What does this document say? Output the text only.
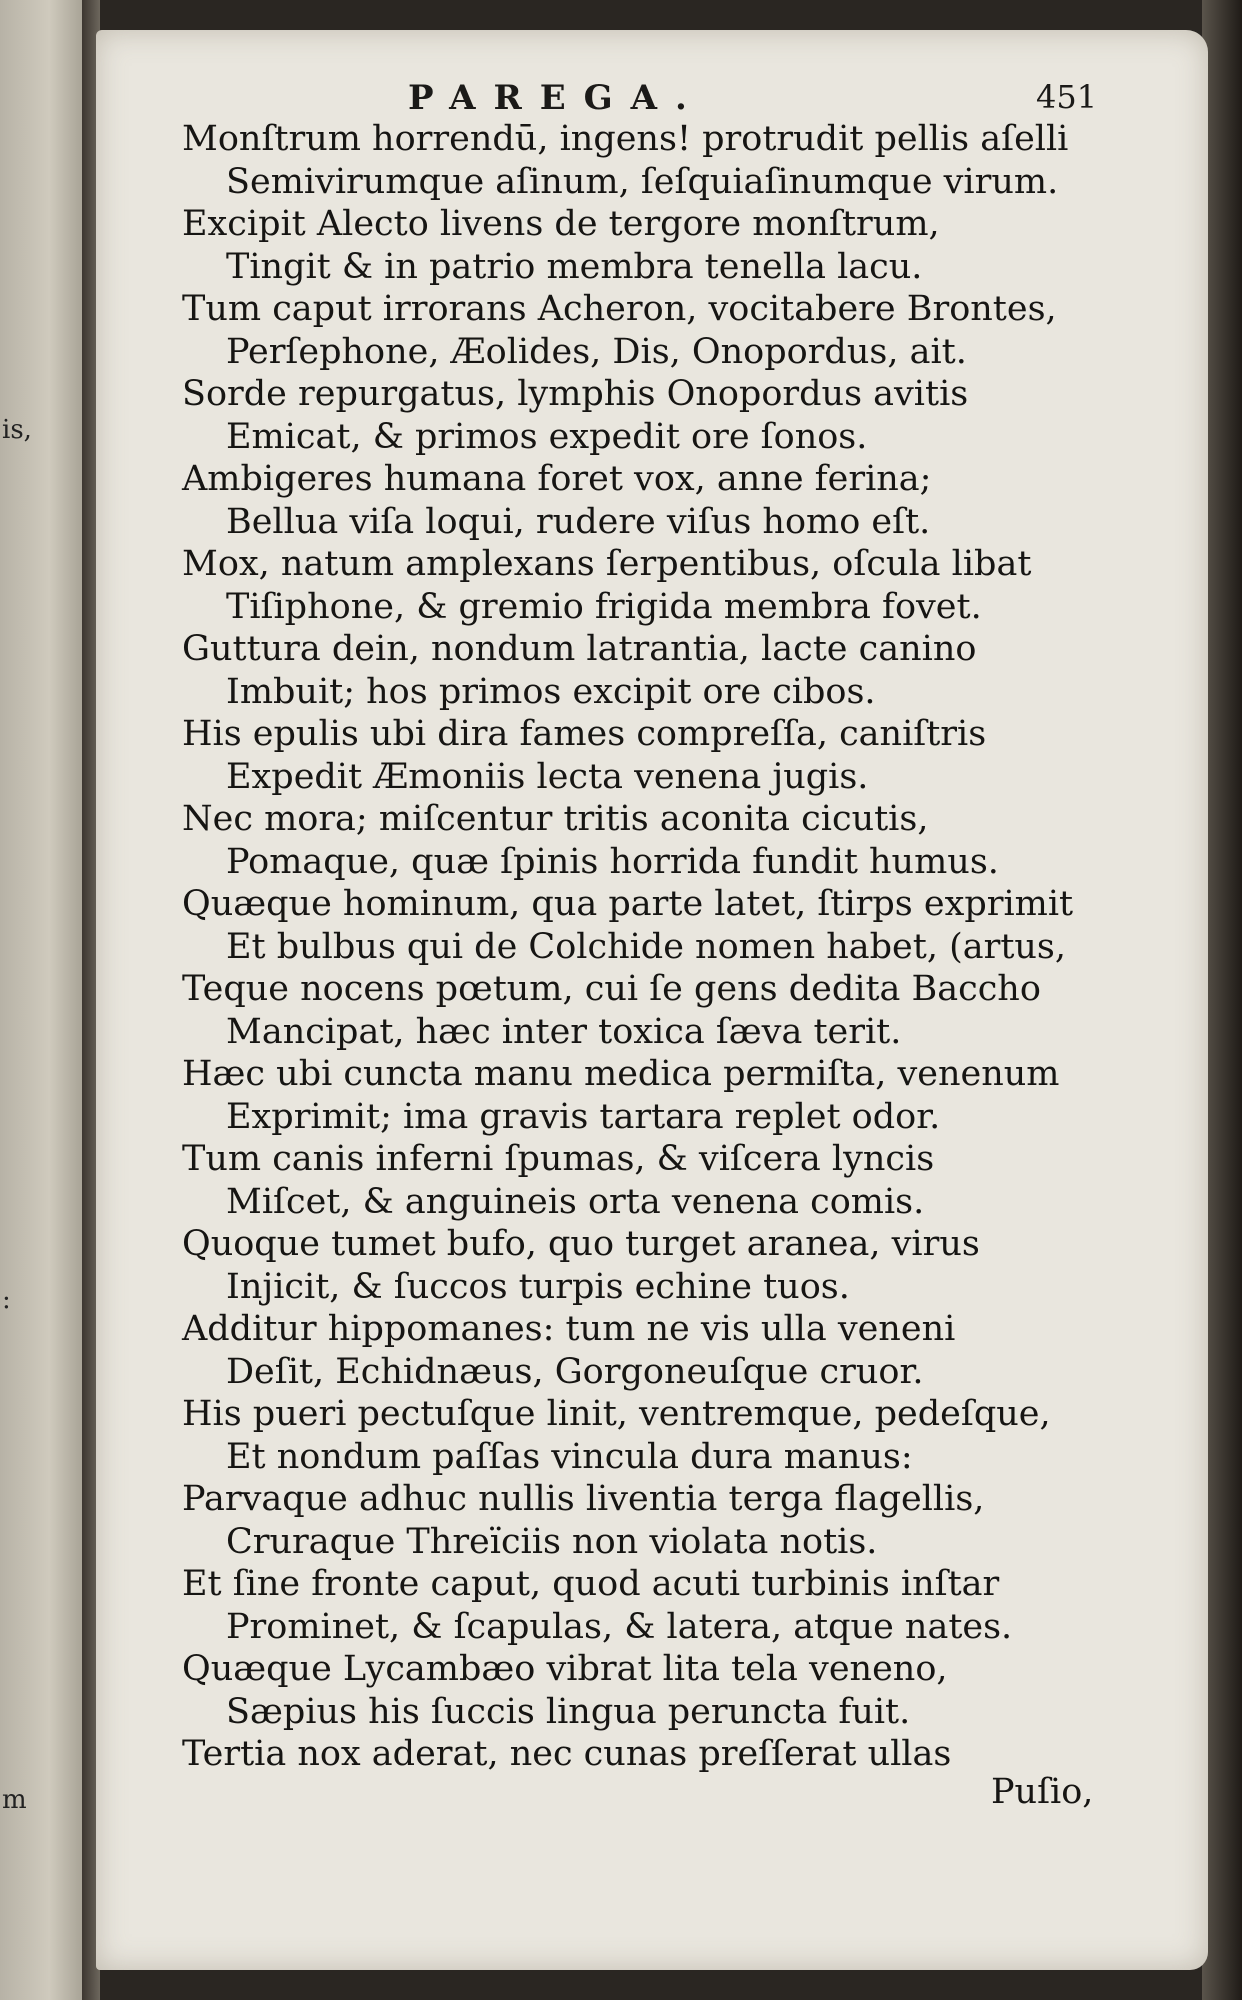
is,
:
m
PAREGA.	451
Monſtrum horrendū, ingens! protrudit pellis aſelli
Semivirumque aſinum, ſeſquiaſinumque virum.
Excipit Alecto livens de tergore monſtrum,
Tingit & in patrio membra tenella lacu.
Tum caput irrorans Acheron, vocitabere Brontes,
Perſephone, Æolides, Dis, Onopordus, ait.
Sorde repurgatus, lymphis Onopordus avitis
Emicat, & primos expedit ore ſonos.
Ambigeres humana foret vox, anne ferina;
Bellua viſa loqui, rudere viſus homo eſt.
Mox, natum amplexans ſerpentibus, oſcula libat
Tiſiphone, & gremio frigida membra fovet.
Guttura dein, nondum latrantia, lacte canino
Imbuit; hos primos excipit ore cibos.
His epulis ubi dira fames compreſſa, caniſtris
Expedit Æmoniis lecta venena jugis.
Nec mora; miſcentur tritis aconita cicutis,
Pomaque, quæ ſpinis horrida fundit humus.
Quæque hominum, qua parte latet, ſtirps exprimit
Et bulbus qui de Colchide nomen habet, (artus,
Teque nocens pœtum, cui ſe gens dedita Baccho
Mancipat, hæc inter toxica ſæva terit.
Hæc ubi cuncta manu medica permiſta, venenum
Exprimit; ima gravis tartara replet odor.
Tum canis inferni ſpumas, & viſcera lyncis
Miſcet, & anguineis orta venena comis.
Quoque tumet bufo, quo turget aranea, virus
Injicit, & ſuccos turpis echine tuos.
Additur hippomanes: tum ne vis ulla veneni
Deſit, Echidnæus, Gorgoneuſque cruor.
His pueri pectuſque linit, ventremque, pedeſque,
Et nondum paſſas vincula dura manus:
Parvaque adhuc nullis liventia terga flagellis,
Cruraque Threïciis non violata notis.
Et ſine fronte caput, quod acuti turbinis inſtar
Prominet, & ſcapulas, & latera, atque nates.
Quæque Lycambæo vibrat lita tela veneno,
Sæpius his ſuccis lingua peruncta fuit.
Tertia nox aderat, nec cunas preſſerat ullas
Puſio,
